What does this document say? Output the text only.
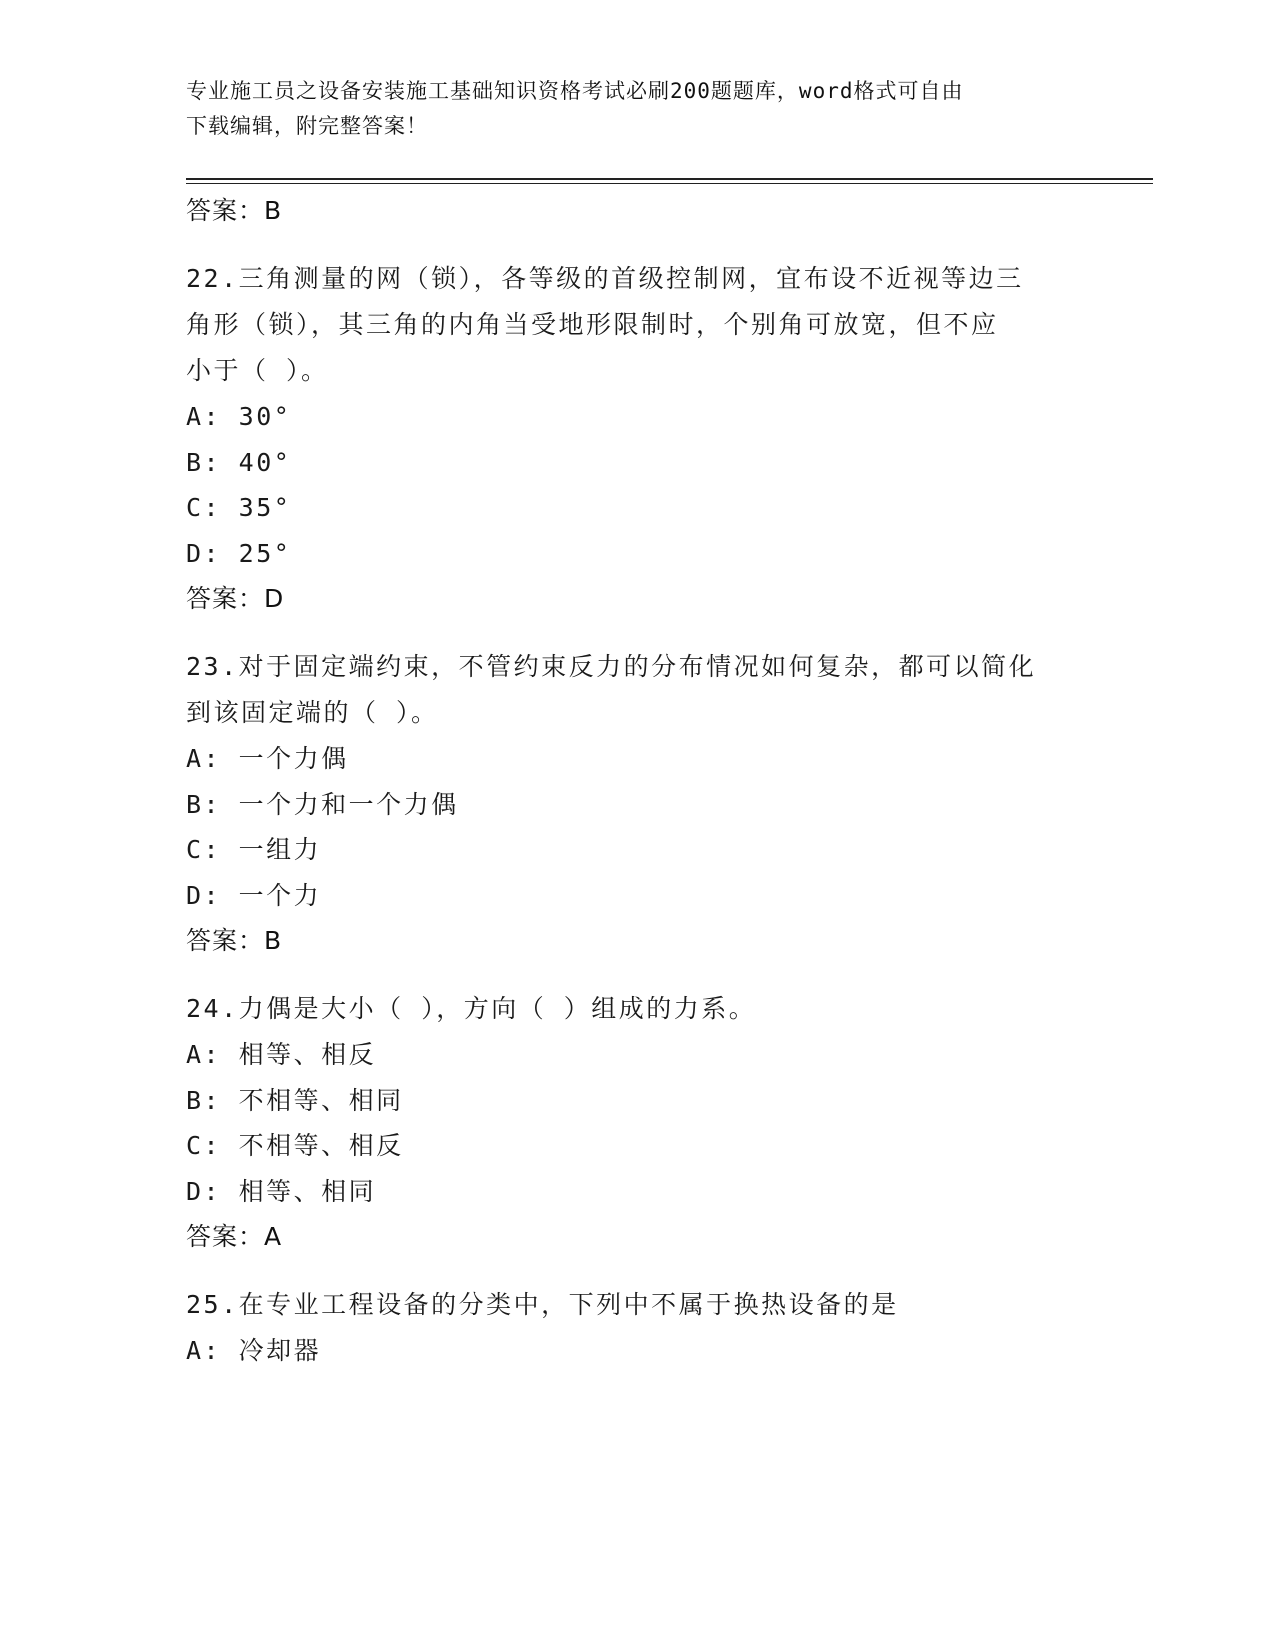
专业施工员之设备安装施工基础知识资格考试必刷200题题库，word格式可自由
下载编辑，附完整答案！
答案：B
22.三角测量的网（锁），各等级的首级控制网，宜布设不近视等边三
角形（锁），其三角的内角当受地形限制时，个别角可放宽，但不应
小于（ ）。
A: 30°
B: 40°
C: 35°
D: 25°
答案：D
23.对于固定端约束，不管约束反力的分布情况如何复杂，都可以简化
到该固定端的（ ）。
A: 一个力偶
B: 一个力和一个力偶
C: 一组力
D: 一个力
答案：B
24.力偶是大小（ ），方向（ ）组成的力系。
A: 相等、相反
B: 不相等、相同
C: 不相等、相反
D: 相等、相同
答案：A
25.在专业工程设备的分类中，下列中不属于换热设备的是
A: 冷却器
